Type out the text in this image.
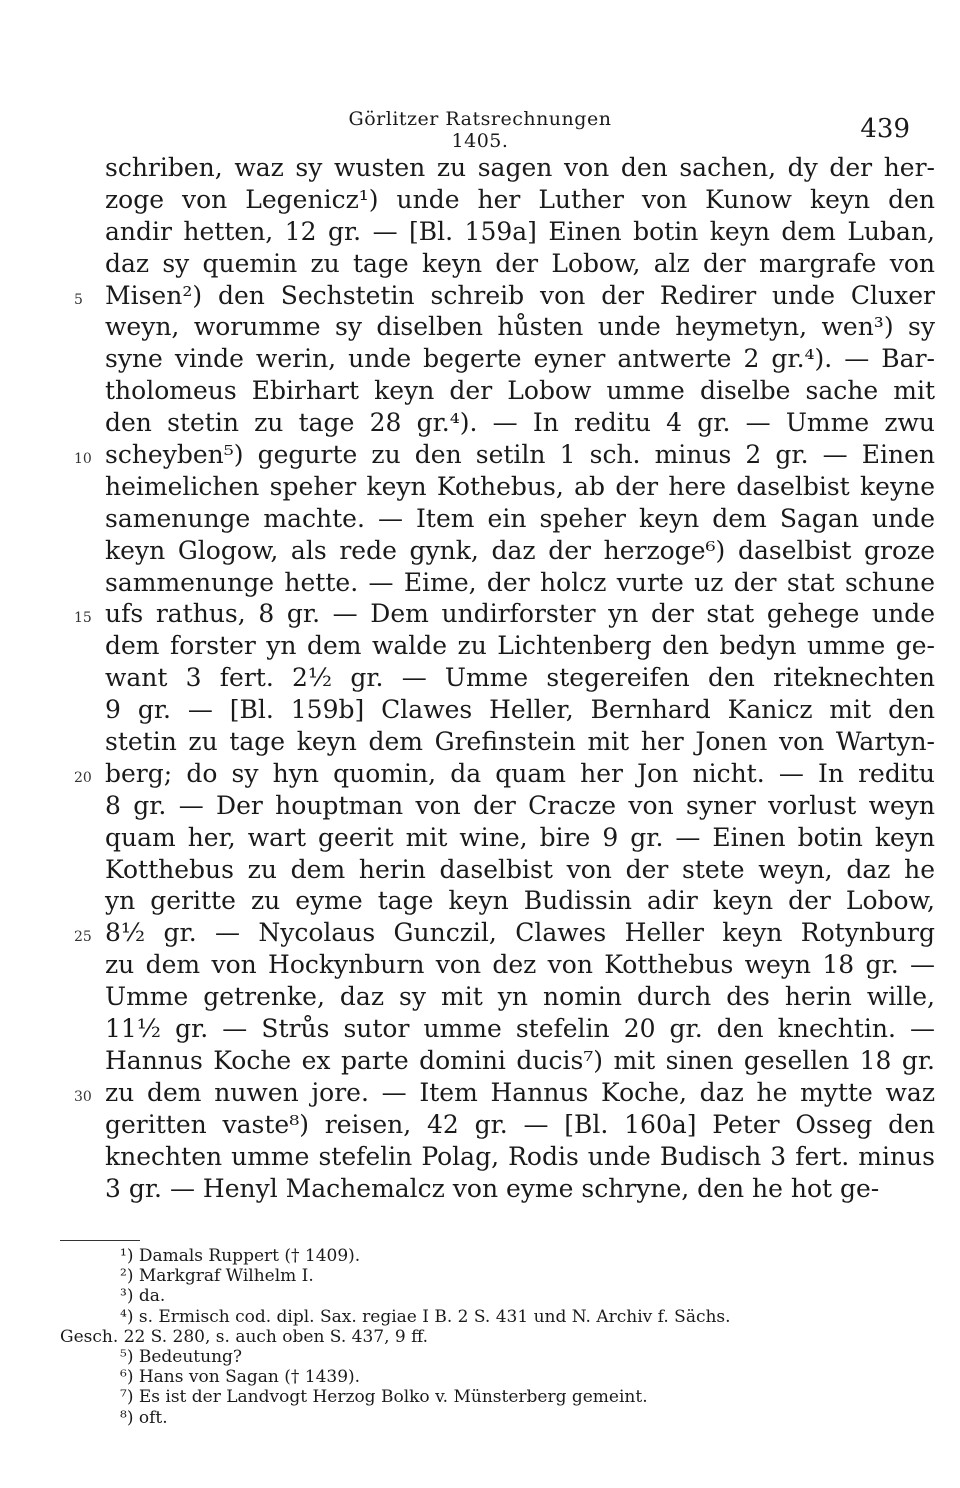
Görlitzer Ratsrechnungen 1405.	439
schriben, waz sy wusten zu sagen von den sachen, dy der her-
zoge von Legenicz¹) unde her Luther von Kunow keyn den
andir hetten, 12 gr. — [Bl. 159a] Einen botin keyn dem Luban,
daz sy quemin zu tage keyn der Lobow, alz der margrafe von
5 Misen²) den Sechstetin schreib von der Redirer unde Cluxer
weyn, worumme sy diselben hůsten unde heymetyn, wen³) sy
syne vinde werin, unde begerte eyner antwerte 2 gr.⁴). — Bar-
tholomeus Ebirhart keyn der Lobow umme diselbe sache mit
den stetin zu tage 28 gr.⁴). — In reditu 4 gr. — Umme zwu
10 scheyben⁵) gegurte zu den setiln 1 sch. minus 2 gr. — Einen
heimelichen speher keyn Kothebus, ab der here daselbist keyne
samenunge machte. — Item ein speher keyn dem Sagan unde
keyn Glogow, als rede gynk, daz der herzoge⁶) daselbist groze
sammenunge hette. — Eime, der holcz vurte uz der stat schune
15 ufs rathus, 8 gr. — Dem undirforster yn der stat gehege unde
dem forster yn dem walde zu Lichtenberg den bedyn umme ge-
want 3 fert. 2½ gr. — Umme stegereifen den riteknechten
9 gr. — [Bl. 159b] Clawes Heller, Bernhard Kanicz mit den
stetin zu tage keyn dem Grefinstein mit her Jonen von Wartyn-
20 berg; do sy hyn quomin, da quam her Jon nicht. — In reditu
8 gr. — Der houptman von der Cracze von syner vorlust weyn
quam her, wart geerit mit wine, bire 9 gr. — Einen botin keyn
Kotthebus zu dem herin daselbist von der stete weyn, daz he
yn geritte zu eyme tage keyn Budissin adir keyn der Lobow,
25 8½ gr. — Nycolaus Gunczil, Clawes Heller keyn Rotynburg
zu dem von Hockynburn von dez von Kotthebus weyn 18 gr. —
Umme getrenke, daz sy mit yn nomin durch des herin wille,
11½ gr. — Strůs sutor umme stefelin 20 gr. den knechtin. —
Hannus Koche ex parte domini ducis⁷) mit sinen gesellen 18 gr.
30 zu dem nuwen jore. — Item Hannus Koche, daz he mytte waz
geritten vaste⁸) reisen, 42 gr. — [Bl. 160a] Peter Osseg den
knechten umme stefelin Polag, Rodis unde Budisch 3 fert. minus
3 gr. — Henyl Machemalcz von eyme schryne, den he hot ge-
¹) Damals Ruppert († 1409).
²) Markgraf Wilhelm I.
³) da.
⁴) s. Ermisch cod. dipl. Sax. regiae I B. 2 S. 431 und N. Archiv f. Sächs.
Gesch. 22 S. 280, s. auch oben S. 437, 9 ff.
⁵) Bedeutung?
⁶) Hans von Sagan († 1439).
⁷) Es ist der Landvogt Herzog Bolko v. Münsterberg gemeint.
⁸) oft.
